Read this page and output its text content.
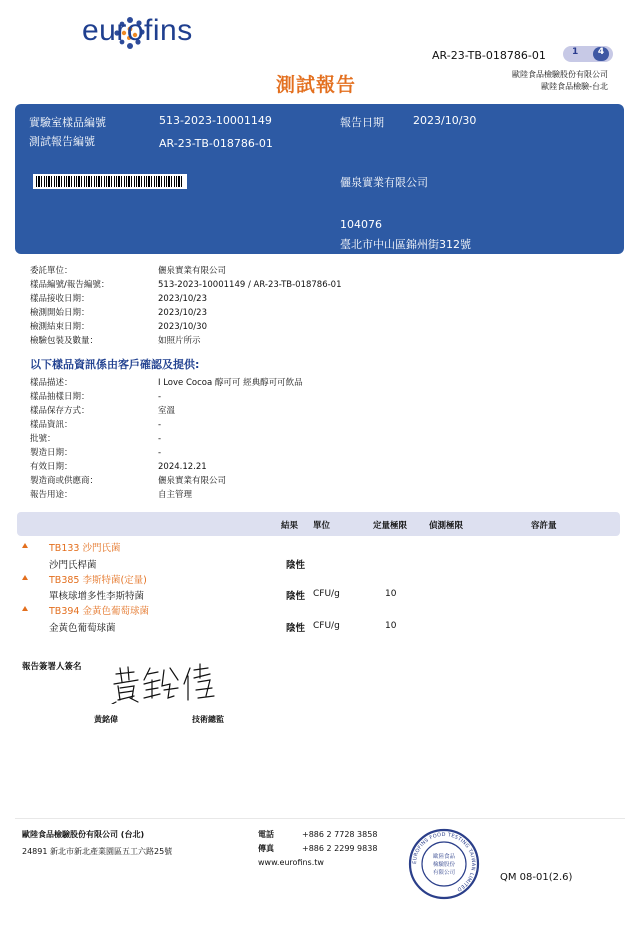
eurofins
AR-23-TB-018786-01	1	4
測試報告	歐陸食品檢驗股份有限公司
歐陸食品檢驗-台北
實驗室樣品編號	513-2023-10001149
測試報告編號	AR-23-TB-018786-01
報告日期	2023/10/30
儷泉實業有限公司
104076
臺北市中山區錦州街312號
委託單位：	儷泉實業有限公司
樣品編號/報告編號：	513-2023-10001149 / AR-23-TB-018786-01
樣品接收日期：	2023/10/23
檢測開始日期：	2023/10/23
檢測結束日期：	2023/10/30
檢驗包裝及數量：	如照片所示
以下樣品資訊係由客戶確認及提供:
樣品描述：	I Love Cocoa 醇可可 經典醇可可飲品
樣品抽樣日期：	-
樣品保存方式：	室溫
樣品資訊：	-
批號：	-
製造日期：	-
有效日期：	2024.12.21
製造商或供應商：	儷泉實業有限公司
報告用途：	自主管理
結果 單位	定量極限	偵測極限	容許量
TB133 沙門氏菌
沙門氏桿菌	陰性
TB385 李斯特菌(定量)
單核球增多性李斯特菌	陰性 CFU/g	10
TB394 金黃色葡萄球菌
金黃色葡萄球菌	陰性 CFU/g	10
報告簽署人簽名
黃銘偉	技術總監
歐陸食品檢驗股份有限公司 (台北)
24891 新北市新北產業園區五工六路25號
電話	+886 2 7728 3858
傳真	+886 2 2299 9838
www.eurofins.tw	EUROFINS FOOD TESTING TAIWAN LIMITED
歐陸食品
檢驗股份
有限公司	QM 08-01(2.6)
